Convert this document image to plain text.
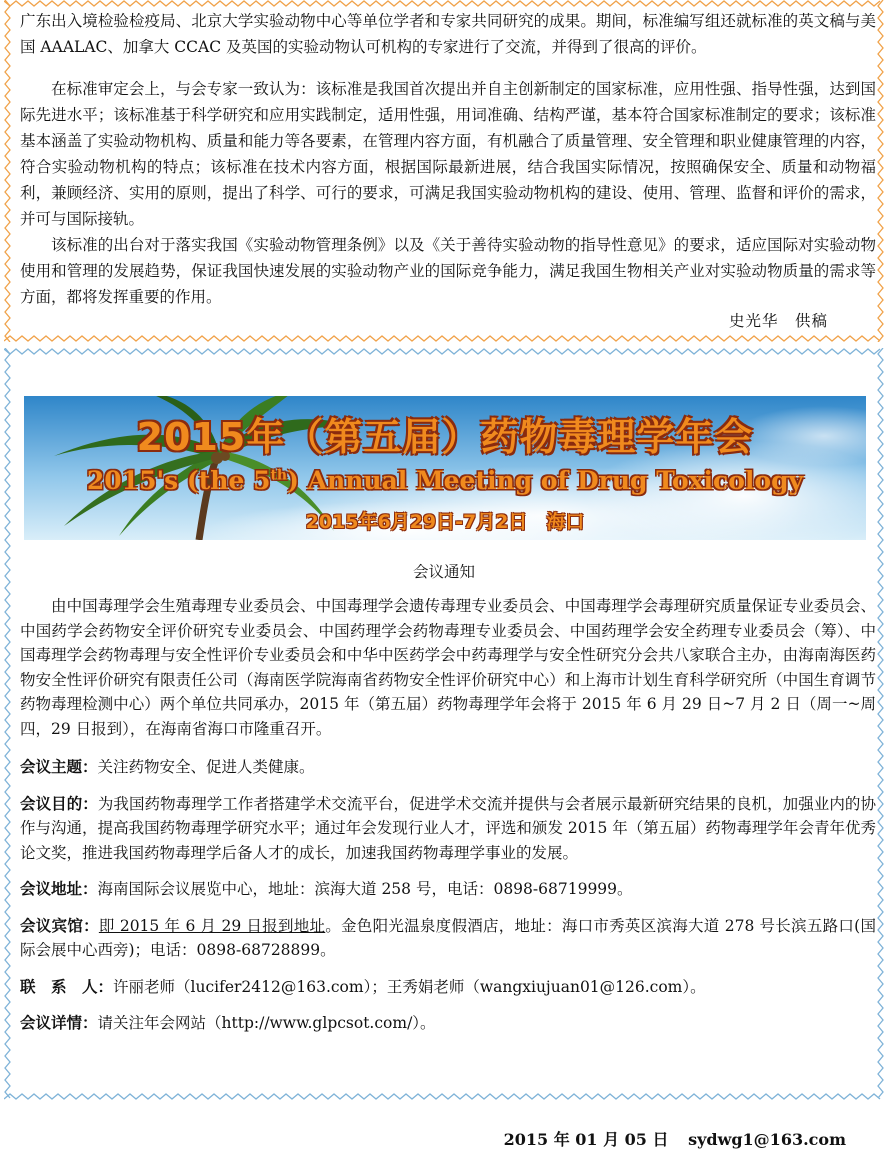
广东出入境检验检疫局、北京大学实验动物中心等单位学者和专家共同研究的成果。期间，标准编写组还就标准的英文稿与美国 AAALAC、加拿大 CCAC 及英国的实验动物认可机构的专家进行了交流，并得到了很高的评价。

在标准审定会上，与会专家一致认为：该标准是我国首次提出并自主创新制定的国家标准，应用性强、指导性强，达到国际先进水平；该标准基于科学研究和应用实践制定，适用性强，用词准确、结构严谨，基本符合国家标准制定的要求；该标准基本涵盖了实验动物机构、质量和能力等各要素，在管理内容方面，有机融合了质量管理、安全管理和职业健康管理的内容，符合实验动物机构的特点；该标准在技术内容方面，根据国际最新进展，结合我国实际情况，按照确保安全、质量和动物福利，兼顾经济、实用的原则，提出了科学、可行的要求，可满足我国实验动物机构的建设、使用、管理、监督和评价的需求，并可与国际接轨。

该标准的出台对于落实我国《实验动物管理条例》以及《关于善待实验动物的指导性意见》的要求，适应国际对实验动物使用和管理的发展趋势，保证我国快速发展的实验动物产业的国际竞争能力，满足我国生物相关产业对实验动物质量的需求等方面，都将发挥重要的作用。

史光华　供稿
2015年（第五届）药物毒理学年会
2015's (the 5th) Annual Meeting of Drug Toxicology
2015年6月29日-7月2日　海口
会议通知

由中国毒理学会生殖毒理专业委员会、中国毒理学会遗传毒理专业委员会、中国毒理学会毒理研究质量保证专业委员会、中国药学会药物安全评价研究专业委员会、中国药理学会药物毒理专业委员会、中国药理学会安全药理专业委员会（筹）、中国毒理学会药物毒理与安全性评价专业委员会和中华中医药学会中药毒理学与安全性研究分会共八家联合主办，由海南海医药物安全性评价研究有限责任公司（海南医学院海南省药物安全性评价研究中心）和上海市计划生育科学研究所（中国生育调节药物毒理检测中心）两个单位共同承办，2015 年（第五届）药物毒理学年会将于 2015 年 6 月 29 日~7 月 2 日（周一~周四，29 日报到），在海南省海口市隆重召开。

会议主题：关注药物安全、促进人类健康。

会议目的：为我国药物毒理学工作者搭建学术交流平台，促进学术交流并提供与会者展示最新研究结果的良机，加强业内的协作与沟通，提高我国药物毒理学研究水平；通过年会发现行业人才，评选和颁发 2015 年（第五届）药物毒理学年会青年优秀论文奖，推进我国药物毒理学后备人才的成长，加速我国药物毒理学事业的发展。

会议地址：海南国际会议展览中心，地址：滨海大道 258 号，电话：0898-68719999。

会议宾馆：即 2015 年 6 月 29 日报到地址。金色阳光温泉度假酒店，地址：海口市秀英区滨海大道 278 号长滨五路口(国际会展中心西旁)；电话：0898-68728899。

联　系　人：许丽老师（lucifer2412@163.com）；王秀娟老师（wangxiujuan01@126.com）。

会议详情：请关注年会网站（http://www.glpcsot.com/）。

2015 年 01 月 05 日 sydwg1@163.com
